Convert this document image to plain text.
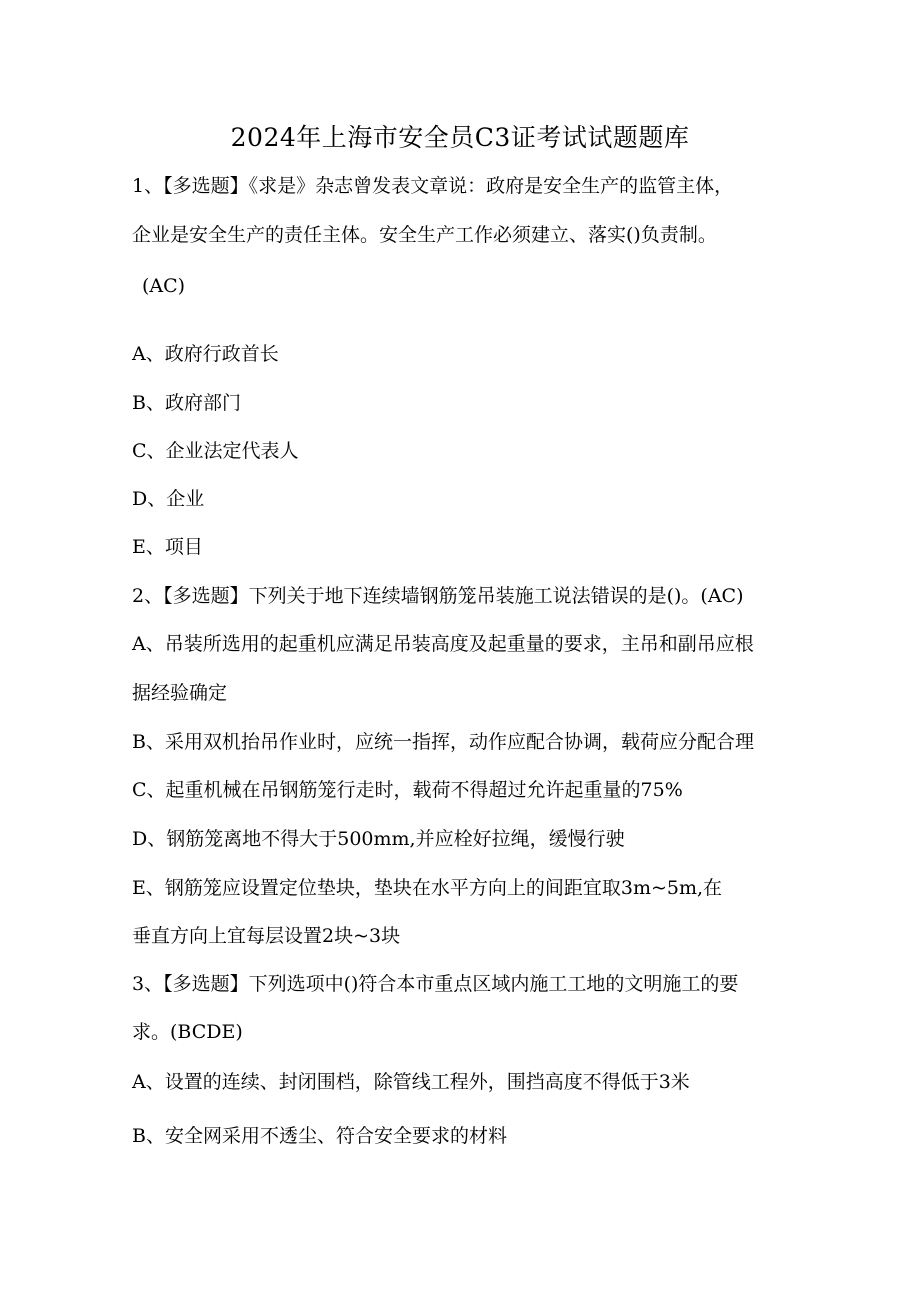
2024年上海市安全员C3证考试试题题库
1、【多选题】《求是》杂志曾发表文章说：政府是安全生产的监管主体，
企业是安全生产的责任主体。安全生产工作必须建立、落实()负责制。
(AC)
A、政府行政首长
B、政府部门
C、企业法定代表人
D、企业
E、项目
2、【多选题】下列关于地下连续墙钢筋笼吊装施工说法错误的是()。(AC)
A、吊装所选用的起重机应满足吊装高度及起重量的要求，主吊和副吊应根
据经验确定
B、采用双机抬吊作业时，应统一指挥，动作应配合协调，载荷应分配合理
C、起重机械在吊钢筋笼行走时，载荷不得超过允许起重量的75%
D、钢筋笼离地不得大于500mm,并应栓好拉绳，缓慢行驶
E、钢筋笼应设置定位垫块，垫块在水平方向上的间距宜取3m~5m,在
垂直方向上宜每层设置2块~3块
3、【多选题】下列选项中()符合本市重点区域内施工工地的文明施工的要
求。(BCDE)
A、设置的连续、封闭围档，除管线工程外，围挡高度不得低于3米
B、安全网采用不透尘、符合安全要求的材料
